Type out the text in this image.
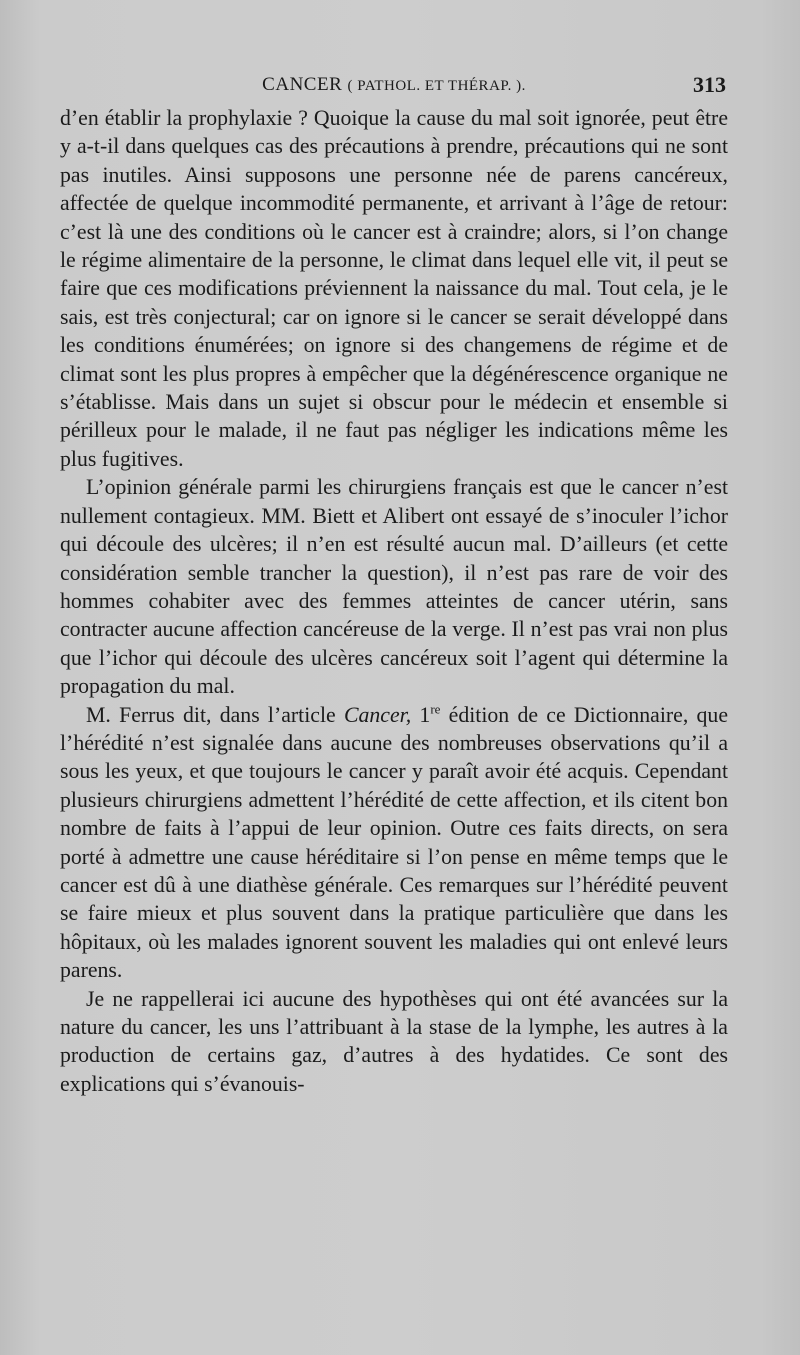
CANCER ( PATHOL. ET THÉRAP. ).	313

d’en établir la prophylaxie ? Quoique la cause du mal soit ignorée, peut être y a-t-il dans quelques cas des précautions à prendre, précautions qui ne sont pas inutiles. Ainsi supposons une personne née de parens cancéreux, affectée de quelque incommodité permanente, et arrivant à l’âge de retour: c’est là une des conditions où le cancer est à craindre; alors, si l’on change le régime alimentaire de la personne, le climat dans lequel elle vit, il peut se faire que ces modifications préviennent la naissance du mal. Tout cela, je le sais, est très conjectural; car on ignore si le cancer se serait développé dans les conditions énumérées; on ignore si des changemens de régime et de climat sont les plus propres à empêcher que la dégénérescence organique ne s’établisse. Mais dans un sujet si obscur pour le médecin et ensemble si périlleux pour le malade, il ne faut pas négliger les indications même les plus fugitives.

L’opinion générale parmi les chirurgiens français est que le cancer n’est nullement contagieux. MM. Biett et Alibert ont essayé de s’inoculer l’ichor qui découle des ulcères; il n’en est résulté aucun mal. D’ailleurs (et cette considération semble trancher la question), il n’est pas rare de voir des hommes cohabiter avec des femmes atteintes de cancer utérin, sans contracter aucune affection cancéreuse de la verge. Il n’est pas vrai non plus que l’ichor qui découle des ulcères cancéreux soit l’agent qui détermine la propagation du mal.

M. Ferrus dit, dans l’article Cancer, 1re édition de ce Dictionnaire, que l’hérédité n’est signalée dans aucune des nombreuses observations qu’il a sous les yeux, et que toujours le cancer y paraît avoir été acquis. Cependant plusieurs chirurgiens admettent l’hérédité de cette affection, et ils citent bon nombre de faits à l’appui de leur opinion. Outre ces faits directs, on sera porté à admettre une cause héréditaire si l’on pense en même temps que le cancer est dû à une diathèse générale. Ces remarques sur l’hérédité peuvent se faire mieux et plus souvent dans la pratique particulière que dans les hôpitaux, où les malades ignorent souvent les maladies qui ont enlevé leurs parens.

Je ne rappellerai ici aucune des hypothèses qui ont été avancées sur la nature du cancer, les uns l’attribuant à la stase de la lymphe, les autres à la production de certains gaz, d’autres à des hydatides. Ce sont des explications qui s’évanouis-
